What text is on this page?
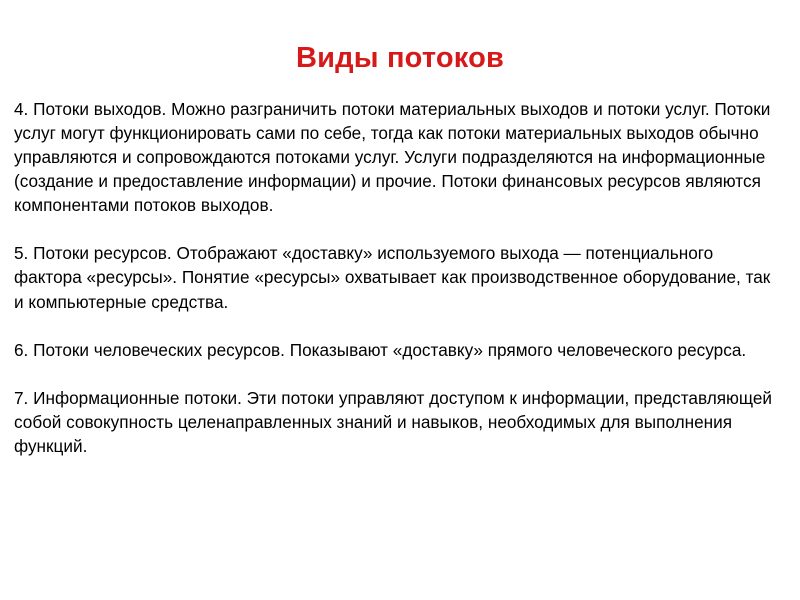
Виды потоков

4. Потоки выходов. Можно разграничить потоки материальных выходов и потоки услуг. Потоки услуг могут функционировать сами по себе, тогда как потоки материальных выходов обычно управляются и сопровождаются потоками услуг. Услуги подразделяются на информационные (создание и предоставление информации) и прочие. Потоки финансовых ресурсов являются компонентами потоков выходов.

5. Потоки ресурсов. Отображают «доставку» используемого выхода — потенциального фактора «ресурсы». Понятие «ресурсы» охватывает как производственное оборудование, так и компьютерные средства.

6. Потоки человеческих ресурсов. Показывают «доставку» прямого человеческого ресурса.

7. Информационные потоки. Эти потоки управляют доступом к информации, представляющей собой совокупность целенаправленных знаний и навыков, необходимых для выполнения функций.
